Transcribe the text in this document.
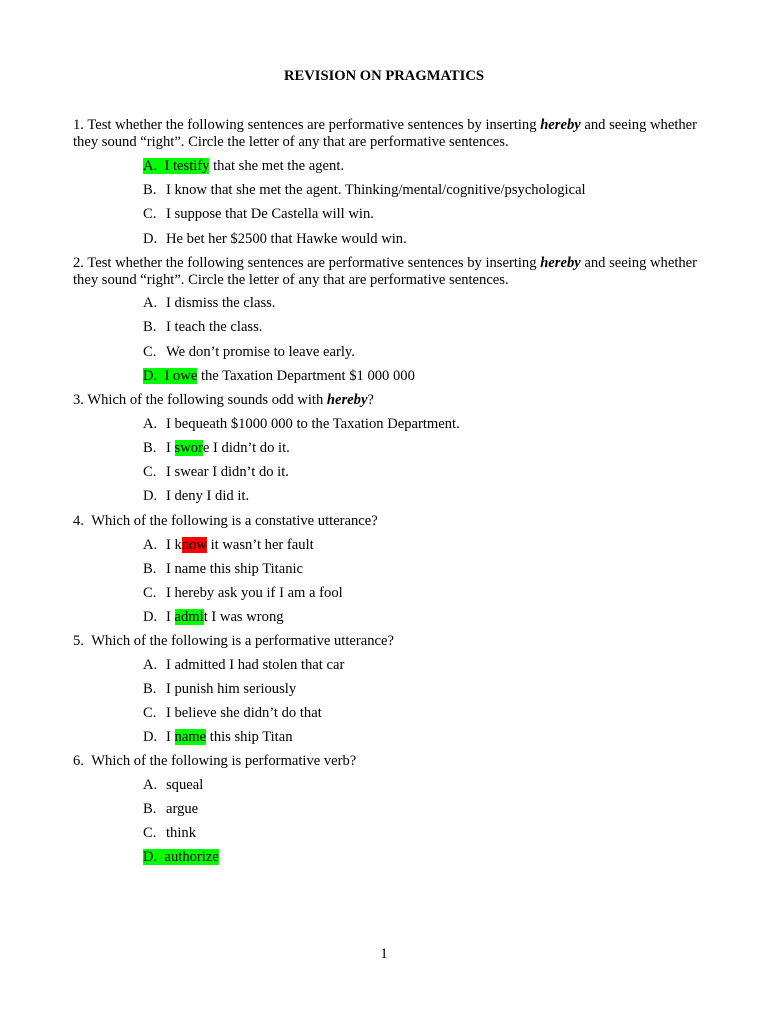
REVISION ON PRAGMATICS
1. Test whether the following sentences are performative sentences by inserting hereby and seeing whether they sound “right”. Circle the letter of any that are performative sentences.
A.  I testify that she met the agent.
B. I know that she met the agent. Thinking/mental/cognitive/psychological
C. I suppose that De Castella will win.
D. He bet her $2500 that Hawke would win.
2. Test whether the following sentences are performative sentences by inserting hereby and seeing whether they sound “right”. Circle the letter of any that are performative sentences.
A. I dismiss the class.
B. I teach the class.
C. We don’t promise to leave early.
D.  I owe the Taxation Department $1 000 000
3. Which of the following sounds odd with hereby?
A. I bequeath $1000 000 to the Taxation Department.
B. I swore I didn’t do it.
C. I swear I didn’t do it.
D. I deny I did it.
4.  Which of the following is a constative utterance?
A. I know it wasn’t her fault
B. I name this ship Titanic
C. I hereby ask you if I am a fool
D. I admit I was wrong
5.  Which of the following is a performative utterance?
A. I admitted I had stolen that car
B. I punish him seriously
C. I believe she didn’t do that
D. I name this ship Titan
6.  Which of the following is performative verb?
A. squeal
B. argue
C. think
D.  authorize
1
